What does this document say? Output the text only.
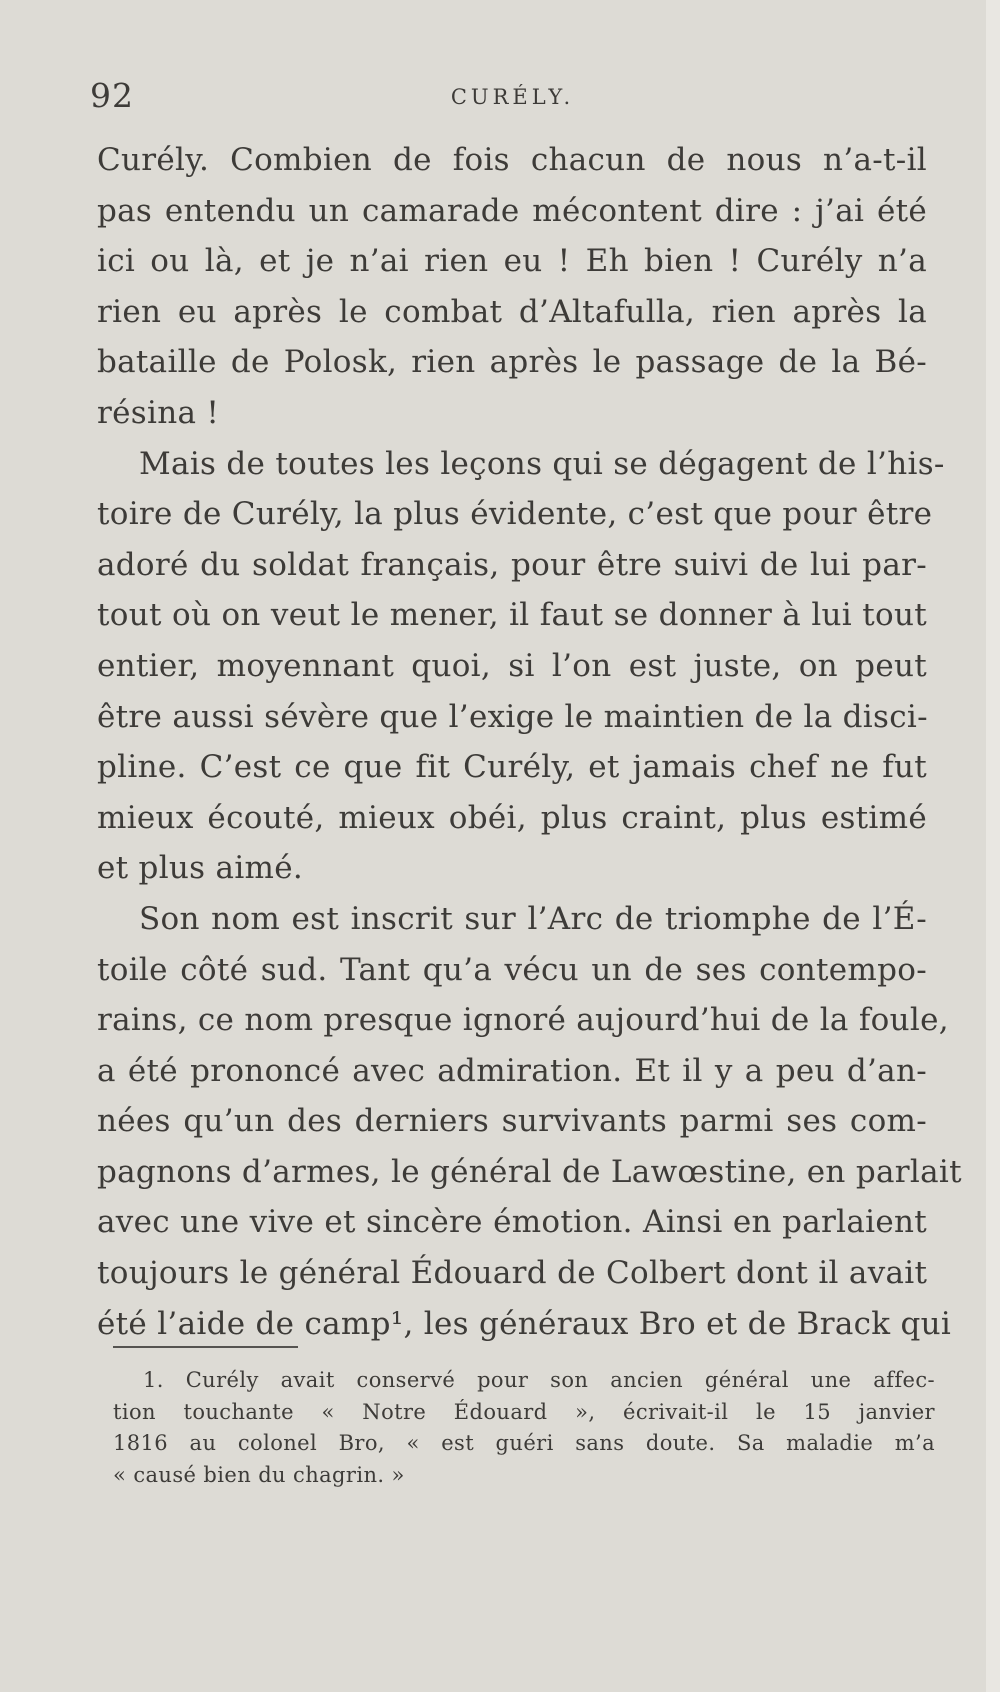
92	CURÉLY.
Curély. Combien de fois chacun de nous n’a-t-il
pas entendu un camarade mécontent dire : j’ai été
ici ou là, et je n’ai rien eu ! Eh bien ! Curély n’a
rien eu après le combat d’Altafulla, rien après la
bataille de Polosk, rien après le passage de la Bé-
résina !
Mais de toutes les leçons qui se dégagent de l’his-
toire de Curély, la plus évidente, c’est que pour être
adoré du soldat français, pour être suivi de lui par-
tout où on veut le mener, il faut se donner à lui tout
entier, moyennant quoi, si l’on est juste, on peut
être aussi sévère que l’exige le maintien de la disci-
pline. C’est ce que fit Curély, et jamais chef ne fut
mieux écouté, mieux obéi, plus craint, plus estimé
et plus aimé.
Son nom est inscrit sur l’Arc de triomphe de l’É-
toile côté sud. Tant qu’a vécu un de ses contempo-
rains, ce nom presque ignoré aujourd’hui de la foule,
a été prononcé avec admiration. Et il y a peu d’an-
nées qu’un des derniers survivants parmi ses com-
pagnons d’armes, le général de Lawœstine, en parlait
avec une vive et sincère émotion. Ainsi en parlaient
toujours le général Édouard de Colbert dont il avait
été l’aide de camp¹, les généraux Bro et de Brack qui
1. Curély avait conservé pour son ancien général une affec-
tion touchante « Notre Édouard », écrivait-il le 15 janvier
1816 au colonel Bro, « est guéri sans doute. Sa maladie m’a
« causé bien du chagrin. »
